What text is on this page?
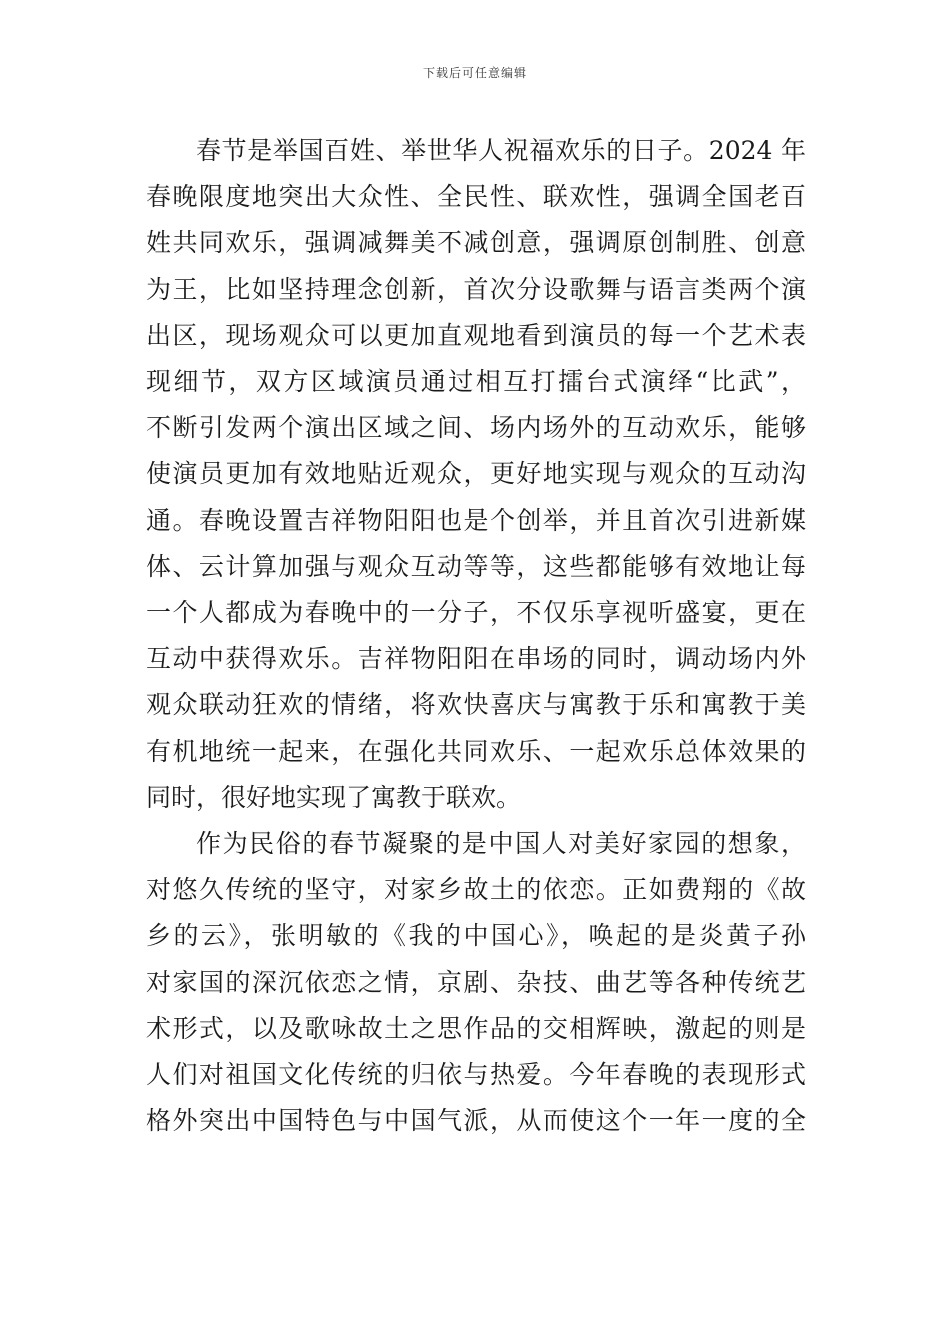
下载后可任意编辑
春节是举国百姓、举世华人祝福欢乐的日子。2024 年
春晚限度地突出大众性、全民性、联欢性，强调全国老百
姓共同欢乐，强调减舞美不减创意，强调原创制胜、创意
为王，比如坚持理念创新，首次分设歌舞与语言类两个演
出区，现场观众可以更加直观地看到演员的每一个艺术表
现细节，双方区域演员通过相互打擂台式演绎“比武”，
不断引发两个演出区域之间、场内场外的互动欢乐，能够
使演员更加有效地贴近观众，更好地实现与观众的互动沟
通。春晚设置吉祥物阳阳也是个创举，并且首次引进新媒
体、云计算加强与观众互动等等，这些都能够有效地让每
一个人都成为春晚中的一分子，不仅乐享视听盛宴，更在
互动中获得欢乐。吉祥物阳阳在串场的同时，调动场内外
观众联动狂欢的情绪，将欢快喜庆与寓教于乐和寓教于美
有机地统一起来，在强化共同欢乐、一起欢乐总体效果的
同时，很好地实现了寓教于联欢。
作为民俗的春节凝聚的是中国人对美好家园的想象，
对悠久传统的坚守，对家乡故土的依恋。正如费翔的《故
乡的云》，张明敏的《我的中国心》，唤起的是炎黄子孙
对家国的深沉依恋之情，京剧、杂技、曲艺等各种传统艺
术形式，以及歌咏故土之思作品的交相辉映，激起的则是
人们对祖国文化传统的归依与热爱。今年春晚的表现形式
格外突出中国特色与中国气派，从而使这个一年一度的全
